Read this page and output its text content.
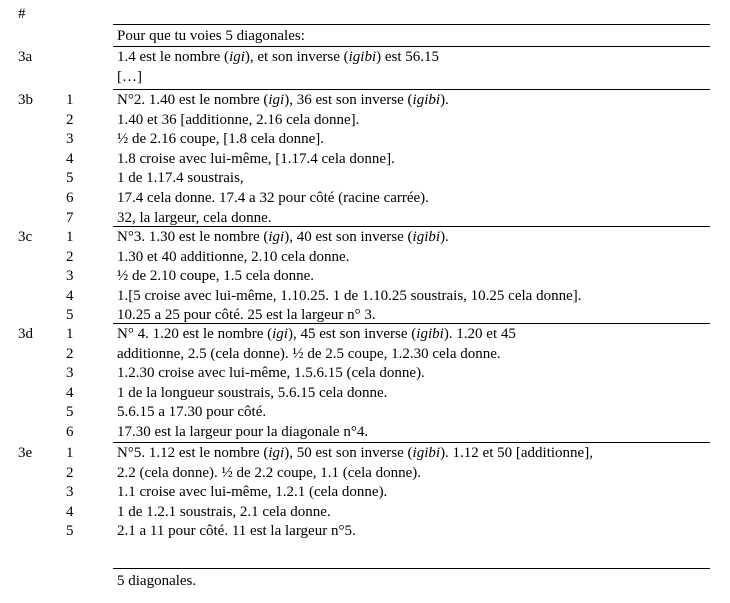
#
Pour que tu voies 5 diagonales:
3a	1.4 est le nombre (igi), et son inverse (igibi) est 56.15
[…]
3b 1	N°2. 1.40 est le nombre (igi), 36 est son inverse (igibi).
2	1.40 et 36 [additionne, 2.16 cela donne].
3	½ de 2.16 coupe, [1.8 cela donne].
4	1.8 croise avec lui-même, [1.17.4 cela donne].
5	1 de 1.17.4 soustrais,
6	17.4 cela donne. 17.4 a 32 pour côté (racine carrée).
7	32, la largeur, cela donne.
3c 1	N°3. 1.30 est le nombre (igi), 40 est son inverse (igibi).
2	1.30 et 40 additionne, 2.10 cela donne.
3	½ de 2.10 coupe, 1.5 cela donne.
4	1.[5 croise avec lui-même, 1.10.25. 1 de 1.10.25 soustrais, 10.25 cela donne].
5	10.25 a 25 pour côté. 25 est la largeur n° 3.
3d 1	N° 4. 1.20 est le nombre (igi), 45 est son inverse (igibi). 1.20 et 45
2	additionne, 2.5 (cela donne). ½ de 2.5 coupe, 1.2.30 cela donne.
3	1.2.30 croise avec lui-même, 1.5.6.15 (cela donne).
4	1 de la longueur soustrais, 5.6.15 cela donne.
5	5.6.15 a 17.30 pour côté.
6	17.30 est la largeur pour la diagonale n°4.
3e 1	N°5. 1.12 est le nombre (igi), 50 est son inverse (igibi). 1.12 et 50 [additionne],
2	2.2 (cela donne). ½ de 2.2 coupe, 1.1 (cela donne).
3	1.1 croise avec lui-même, 1.2.1 (cela donne).
4	1 de 1.2.1 soustrais, 2.1 cela donne.
5	2.1 a 11 pour côté. 11 est la largeur n°5.
5 diagonales.
